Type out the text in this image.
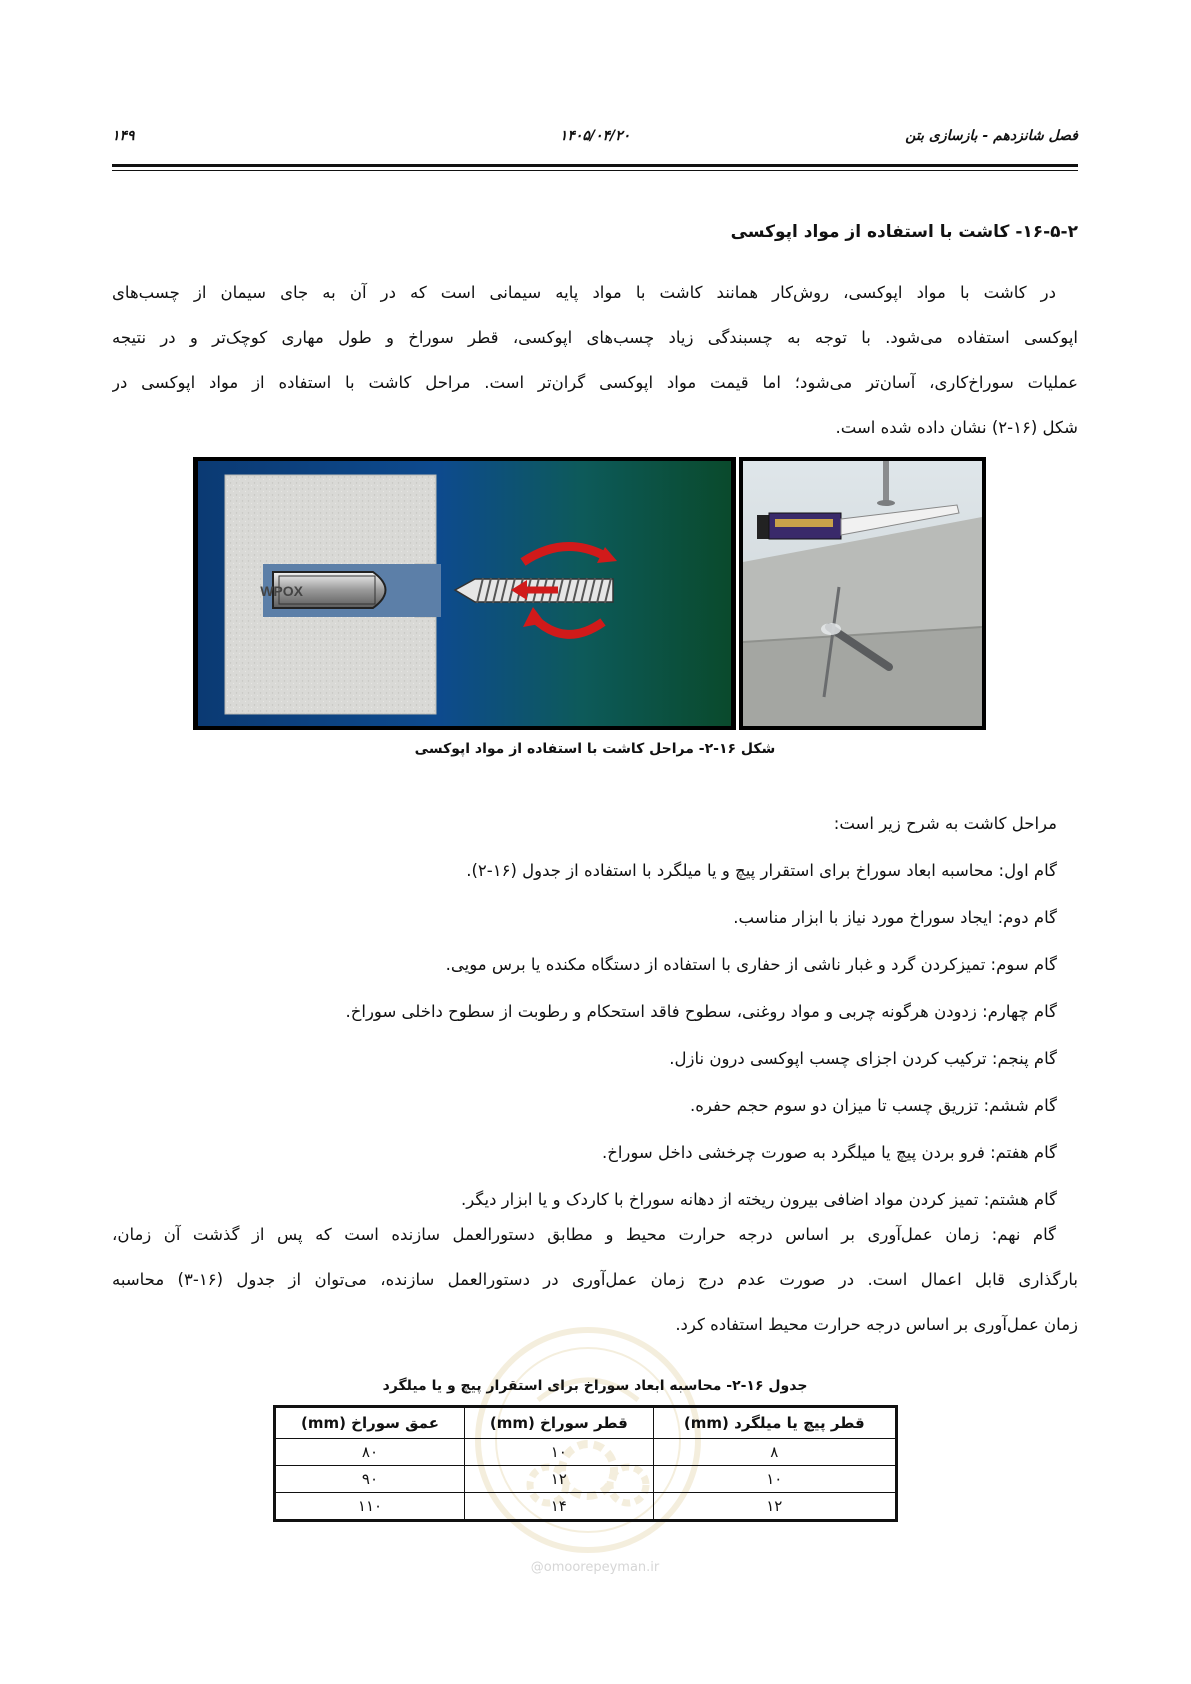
فصل شانزدهم - بازسازی بتن
۱۴۰۵/۰۴/۲۰
۱۴۹
۱۶-۵-۲- کاشت با استفاده از مواد اپوکسی

در کاشت با مواد اپوکسی، روش‌کار همانند کاشت با مواد پایه سیمانی است که در آن به جای سیمان از چسب‌های
اپوکسی استفاده می‌شود. با توجه به چسبندگی زیاد چسب‌های اپوکسی، قطر سوراخ و طول مهاری کوچک‌تر و در نتیجه
عملیات سوراخ‌کاری، آسان‌تر می‌شود؛ اما قیمت مواد اپوکسی گران‌تر است. مراحل کاشت با استفاده از مواد اپوکسی در
شکل (۱۶-۲) نشان داده شده است.

WPOX
شکل ۱۶-۲- مراحل کاشت با استفاده از مواد اپوکسی
مراحل کاشت به شرح زیر است:
گام اول: محاسبه ابعاد سوراخ برای استقرار پیچ و یا میلگرد با استفاده از جدول (۱۶-۲).
گام دوم: ایجاد سوراخ مورد نیاز با ابزار مناسب.
گام سوم: تمیزکردن گرد و غبار ناشی از حفاری با استفاده از دستگاه مکنده یا برس مویی.
گام چهارم: زدودن هرگونه چربی و مواد روغنی، سطوح فاقد استحکام و رطوبت از سطوح داخلی سوراخ.
گام پنجم: ترکیب کردن اجزای چسب اپوکسی درون نازل.
گام ششم: تزریق چسب تا میزان دو سوم حجم حفره.
گام هفتم: فرو بردن پیچ یا میلگرد به صورت چرخشی داخل سوراخ.
گام هشتم: تمیز کردن مواد اضافی بیرون ریخته از دهانه سوراخ با کاردک و یا ابزار دیگر.

گام نهم: زمان عمل‌آوری بر اساس درجه حرارت محیط و مطابق دستورالعمل سازنده است که پس از گذشت آن زمان،
بارگذاری قابل اعمال است. در صورت عدم درج زمان عمل‌آوری در دستورالعمل سازنده، می‌توان از جدول (۱۶-۳) محاسبه
زمان عمل‌آوری بر اساس درجه حرارت محیط استفاده کرد.

جدول ۱۶-۲- محاسبه ابعاد سوراخ برای استقرار پیچ و یا میلگرد
قطر پیچ یا میلگرد (mm)	قطر سوراخ (mm)	عمق سوراخ (mm)
۸	۱۰	۸۰
۱۰	۱۲	۹۰
۱۲	۱۴	۱۱۰
@omoorepeyman.ir
